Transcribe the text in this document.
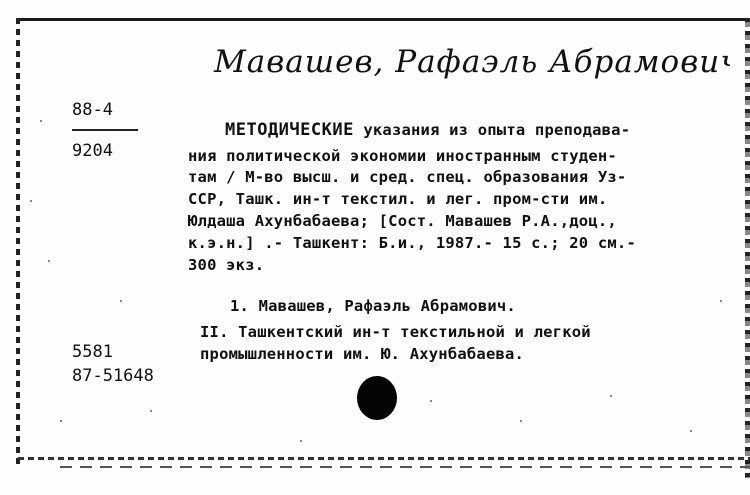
Мавашев, Рафаэль Абрамович
88-4
9204
5581
87-51648
МЕТОДИЧЕСКИЕ указания из опыта преподава-
ния политической экономии иностранным студен-
там / М-во высш. и сред. спец. образования Уз-
ССР, Ташк. ин-т текстил. и лег. пром-сти им.
Юлдаша Ахунбабаева; [Сост. Мавашев Р.А.,доц.,
к.э.н.] .- Ташкент: Б.и., 1987.- 15 с.; 20 см.-
300 экз.
1. Мавашев, Рафаэль Абрамович.
II. Ташкентский ин-т текстильной и легкой
промышленности им. Ю. Ахунбабаева.
